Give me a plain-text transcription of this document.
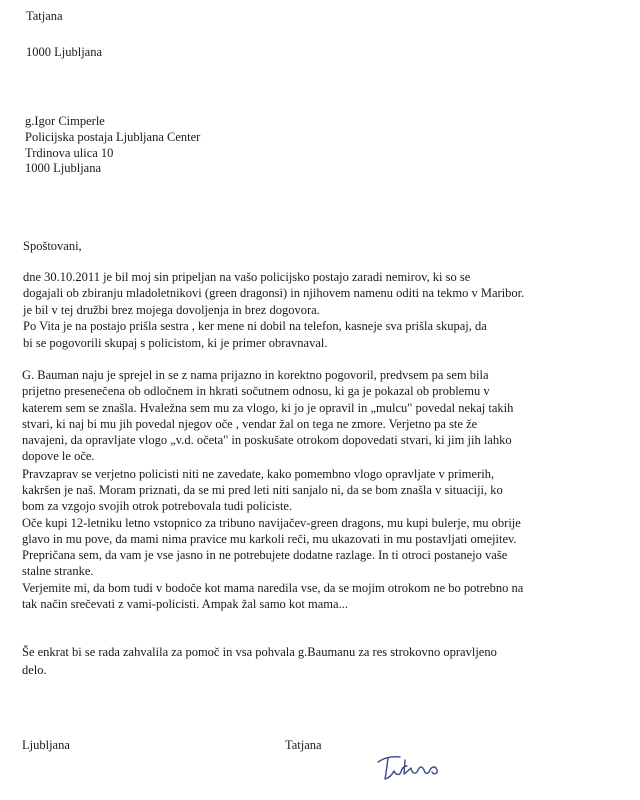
Tatjana
1000 Ljubljana
g.Igor Cimperle
Policijska postaja Ljubljana Center
Trdinova ulica 10
1000 Ljubljana
Spoštovani,
dne 30.10.2011 je bil moj sin pripeljan na vašo policijsko postajo zaradi nemirov, ki so se
dogajali ob zbiranju mladoletnikovi (green dragonsi) in njihovem namenu oditi na tekmo v Maribor.
je bil v tej družbi brez mojega dovoljenja in brez dogovora.
Po Vita je na postajo prišla sestra , ker mene ni dobil na telefon, kasneje sva prišla skupaj, da
bi se pogovorili skupaj s policistom, ki je primer obravnaval.
G. Bauman naju je sprejel in se z nama prijazno in korektno pogovoril, predvsem pa sem bila
prijetno presenečena ob odločnem in hkrati sočutnem odnosu, ki ga je pokazal ob problemu v
katerem sem se znašla. Hvaležna sem mu za vlogo, ki jo je opravil in „mulcu" povedal nekaj takih
stvari, ki naj bi mu jih povedal njegov oče , vendar žal on tega ne zmore. Verjetno pa ste že
navajeni, da opravljate vlogo „v.d. očeta" in poskušate otrokom dopovedati stvari, ki jim jih lahko
dopove le oče.
Pravzaprav se verjetno policisti niti ne zavedate, kako pomembno vlogo opravljate v primerih,
kakršen je naš. Moram priznati, da se mi pred leti niti sanjalo ni, da se bom znašla v situaciji, ko
bom za vzgojo svojih otrok potrebovala tudi policiste.
Oče kupi 12-letniku letno vstopnico za tribuno navijačev-green dragons, mu kupi bulerje, mu obrije
glavo in mu pove, da mami nima pravice mu karkoli reči, mu ukazovati in mu postavljati omejitev.
Prepričana sem, da vam je vse jasno in ne potrebujete dodatne razlage. In ti otroci postanejo vaše
stalne stranke.
Verjemite mi, da bom tudi v bodoče kot mama naredila vse, da se mojim otrokom ne bo potrebno na
tak način srečevati z vami-policisti. Ampak žal samo kot mama...
Še enkrat bi se rada zahvalila za pomoč in vsa pohvala g.Baumanu za res strokovno opravljeno
delo.
Ljubljana	Tatjana
